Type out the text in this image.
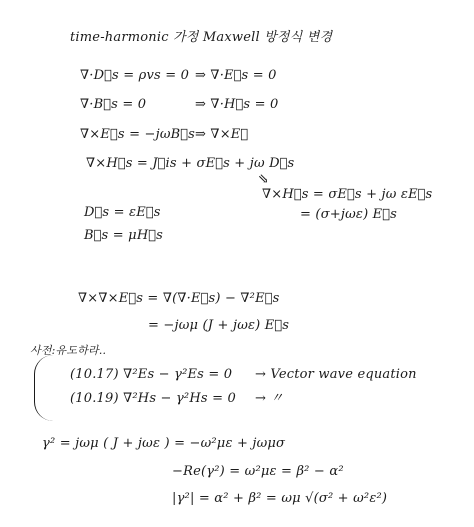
time-harmonic 가정 Maxwell 방정식 변경
∇·D⃗s = ρvs = 0 ⇒ ∇·E⃗s = 0
∇·B⃗s = 0	⇒ ∇·H⃗s = 0
∇×E⃗s = −jωB⃗s ⇒ ∇×E⃗
∇×H⃗s = J⃗is + σE⃗s + jω D⃗s
⇘
∇×H⃗s = σE⃗s + jω εE⃗s
= (σ+jωε) E⃗s
D⃗s = εE⃗s
B⃗s = μH⃗s
∇×∇×E⃗s = ∇(∇·E⃗s) − ∇²E⃗s
= −jωμ (J + jωε) E⃗s
사전:유도하라..
(10.17) ∇²Es − γ²Es = 0 → Vector wave equation
(10.19) ∇²Hs − γ²Hs = 0 → 〃
γ² = jωμ ( J + jωε ) = −ω²με + jωμσ
−Re(γ²) = ω²με = β² − α²
|γ²| = α² + β² = ωμ √(σ² + ω²ε²)
